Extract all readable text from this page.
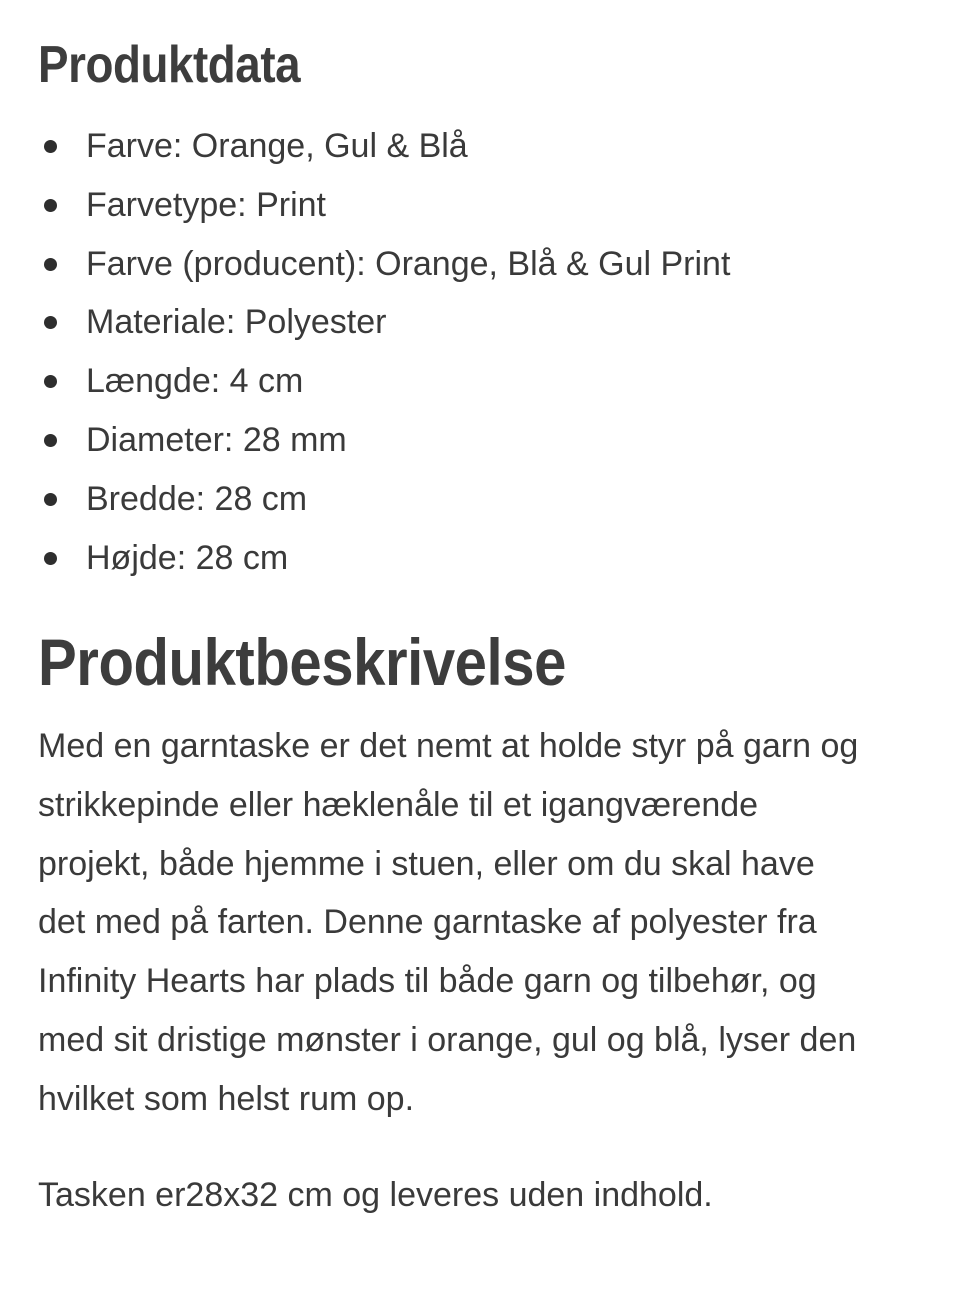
Produktdata
Farve: Orange, Gul & Blå
Farvetype: Print
Farve (producent): Orange, Blå & Gul Print
Materiale: Polyester
Længde: 4 cm
Diameter: 28 mm
Bredde: 28 cm
Højde: 28 cm
Produktbeskrivelse

Med en garntaske er det nemt at holde styr på garn og
strikkepinde eller hæklenåle til et igangværende
projekt, både hjemme i stuen, eller om du skal have
det med på farten. Denne garntaske af polyester fra
Infinity Hearts har plads til både garn og tilbehør, og
med sit dristige mønster i orange, gul og blå, lyser den
hvilket som helst rum op.

Tasken er28x32 cm og leveres uden indhold.
